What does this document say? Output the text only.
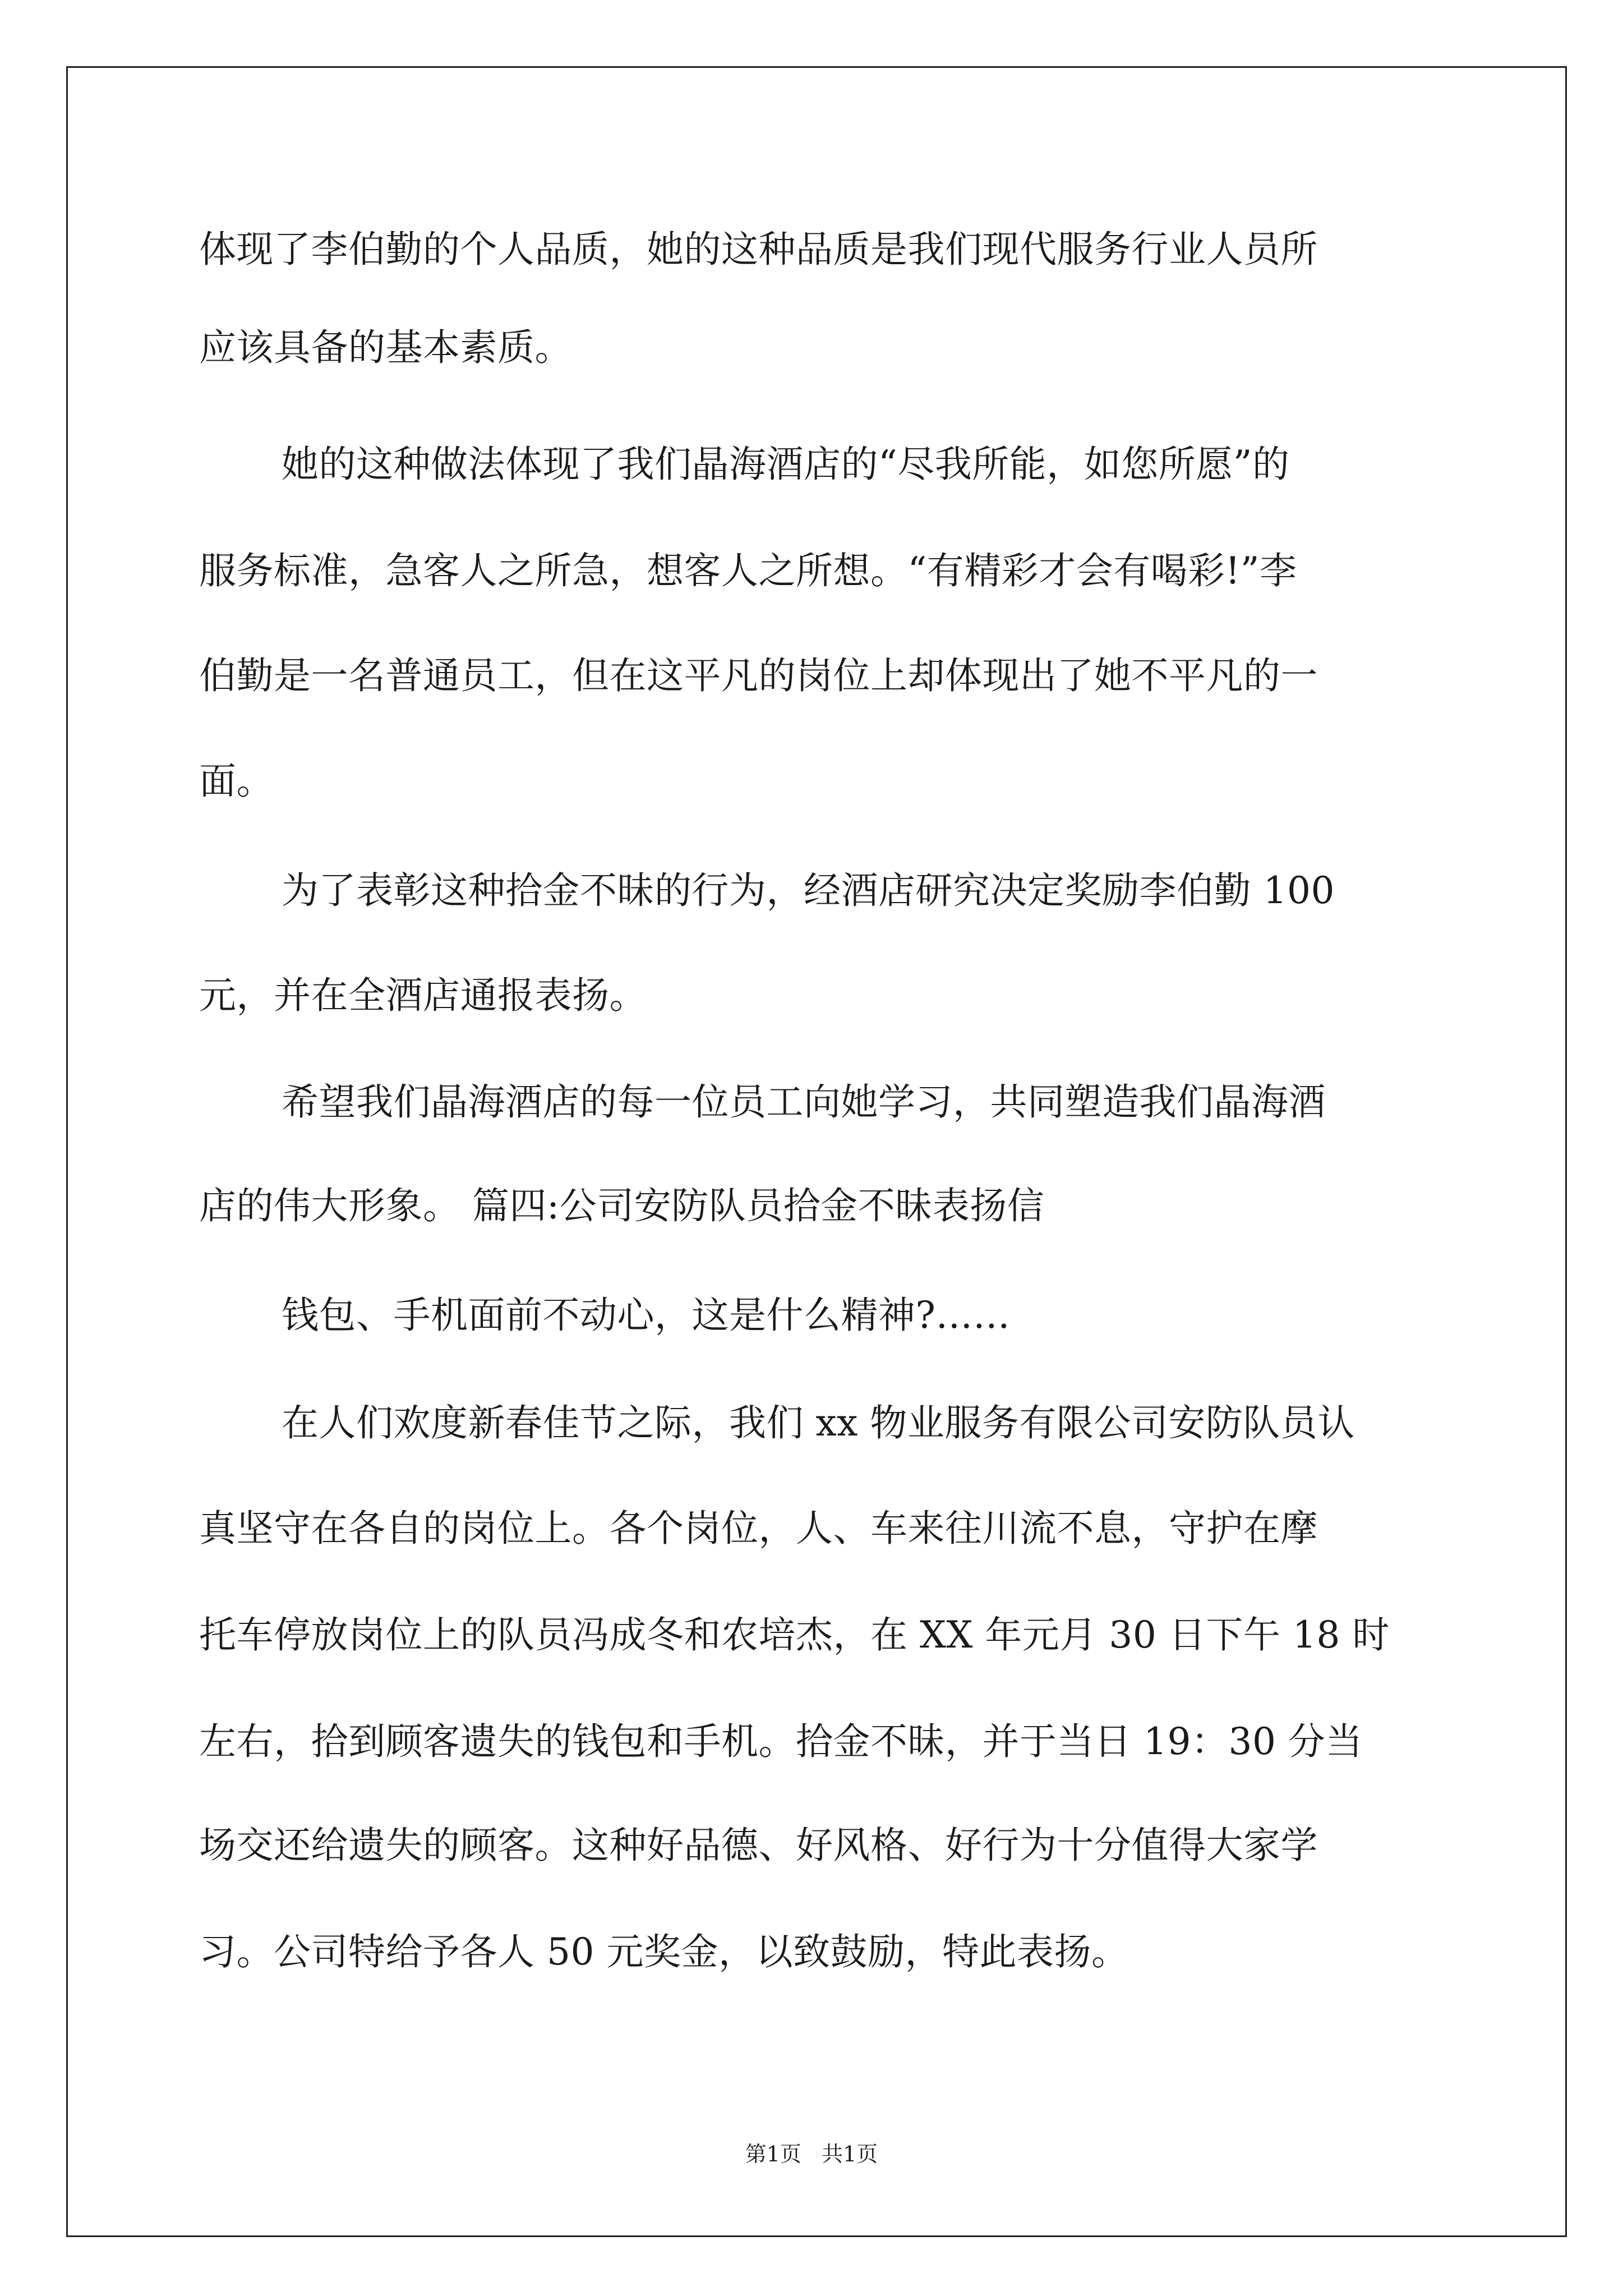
体现了李伯勤的个人品质，她的这种品质是我们现代服务行业人员所
应该具备的基本素质。
她的这种做法体现了我们晶海酒店的“尽我所能，如您所愿”的
服务标准，急客人之所急，想客人之所想。“有精彩才会有喝彩!”李
伯勤是一名普通员工，但在这平凡的岗位上却体现出了她不平凡的一
面。
为了表彰这种拾金不昧的行为，经酒店研究决定奖励李伯勤 100
元，并在全酒店通报表扬。
希望我们晶海酒店的每一位员工向她学习，共同塑造我们晶海酒
店的伟大形象。 篇四:公司安防队员拾金不昧表扬信
钱包、手机面前不动心，这是什么精神?……
在人们欢度新春佳节之际，我们 xx 物业服务有限公司安防队员认
真坚守在各自的岗位上。各个岗位，人、车来往川流不息，守护在摩
托车停放岗位上的队员冯成冬和农培杰，在 XX 年元月 30 日下午 18 时
左右，拾到顾客遗失的钱包和手机。拾金不昧，并于当日 19：30 分当
场交还给遗失的顾客。这种好品德、好风格、好行为十分值得大家学
习。公司特给予各人 50 元奖金，以致鼓励，特此表扬。
第1页   共1页
